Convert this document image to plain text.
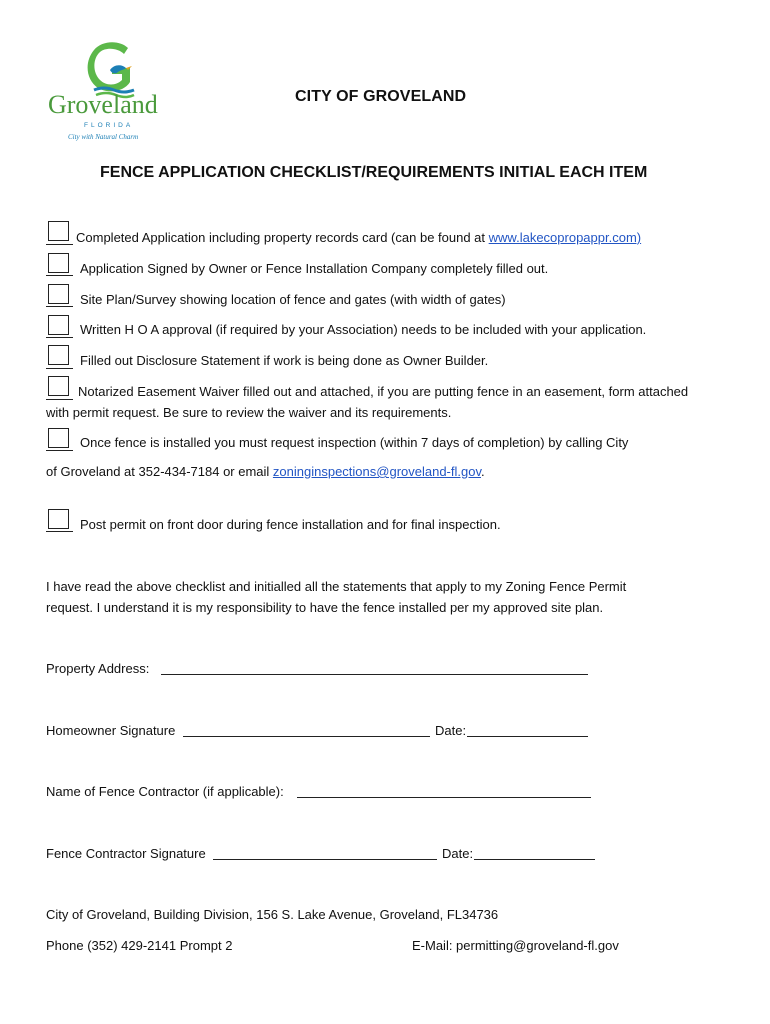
Groveland
FLORIDA
City with Natural Charm
CITY OF GROVELAND
FENCE APPLICATION CHECKLIST/REQUIREMENTS INITIAL EACH ITEM
Completed Application including property records card (can be found at www.lakecopropappr.com)
Application Signed by Owner or Fence Installation Company completely filled out.
Site Plan/Survey showing location of fence and gates (with width of gates)
Written H O A approval (if required by your Association) needs to be included with your application.
Filled out Disclosure Statement if work is being done as Owner Builder.
Notarized Easement Waiver filled out and attached, if you are putting fence in an easement, form attached
with permit request. Be sure to review the waiver and its requirements.
Once fence is installed you must request inspection (within 7 days of completion) by calling City
of Groveland at 352-434-7184 or email zoninginspections@groveland-fl.gov.
Post permit on front door during fence installation and for final inspection.
I have read the above checklist and initialled all the statements that apply to my Zoning Fence Permit
request. I understand it is my responsibility to have the fence installed per my approved site plan.
Property Address:
Homeowner Signature	Date:
Name of Fence Contractor (if applicable):
Fence Contractor Signature	Date:
City of Groveland, Building Division, 156 S. Lake Avenue, Groveland, FL34736
Phone (352) 429-2141 Prompt 2	E-Mail: permitting@groveland-fl.gov
